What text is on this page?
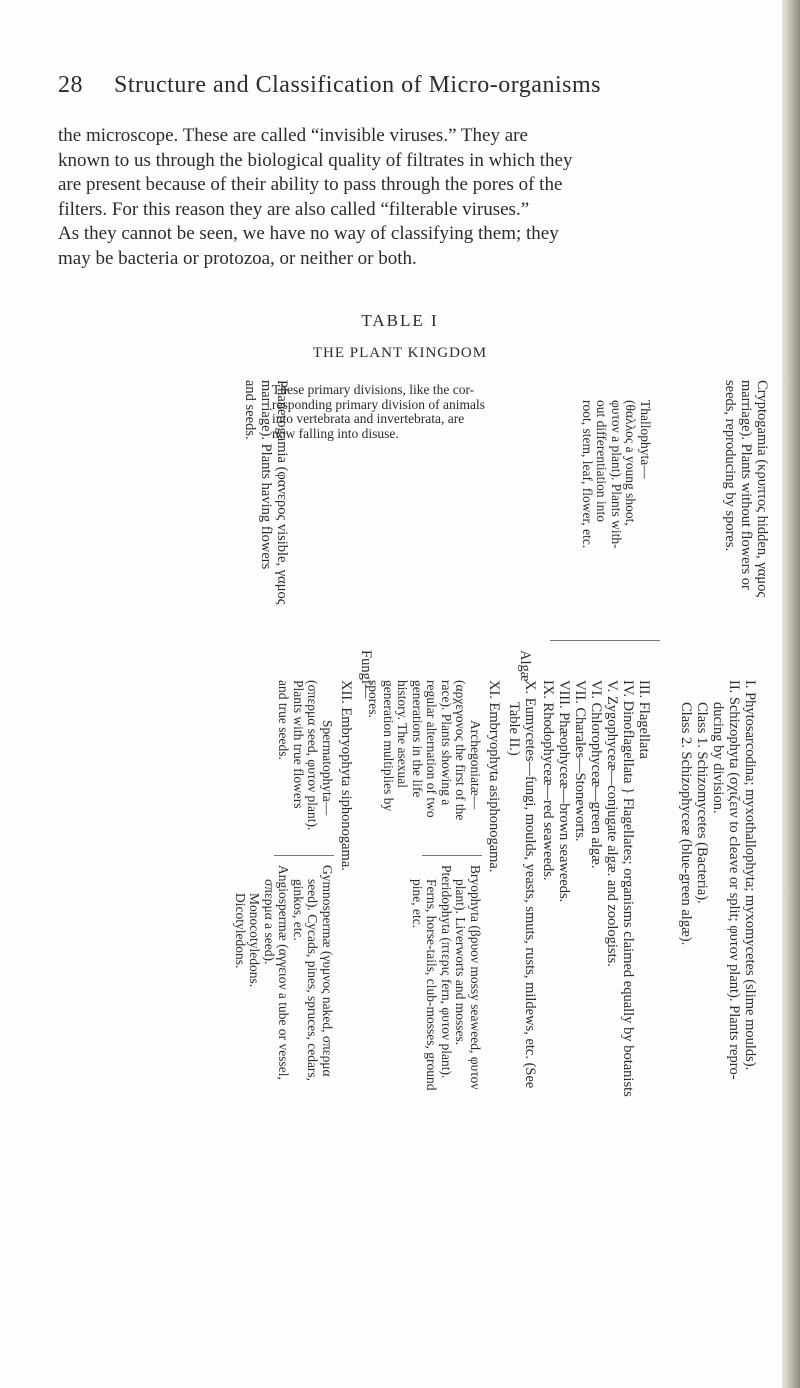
28 Structure and Classification of Micro-organisms

the microscope. These are called “invisible viruses.” They are
known to us through the biological quality of filtrates in which they
are present because of their ability to pass through the pores of the
filters. For this reason they are also called “filterable viruses.”
As they cannot be seen, we have no way of classifying them; they
may be bacteria or protozoa, or neither or both.

TABLE I
THE PLANT KINGDOM
These primary divisions, like the cor-
responding primary division of animals
into vertebrata and invertebrata, are
now falling into disuse.	Cryptogamia (κρυπτος hidden, γαμος
marriage). Plants without flowers or
seeds, reproducing by spores.
Phanerogamia (φανερος visible, γαμος
marriage). Plants having flowers
and seeds.	Thallophyta—
(θαλλος a young shoot,
φυτον a plant). Plants with-
out differentiation into
root, stem, leaf, flower, etc.
Algæ
Fungi—
I. Phytosarcodina; myxothallophyta; myxomycetes (slime moulds).
II. Schizophyta (σχιζειν to cleave or split; φυτον plant). Plants repro-
ducing by division.
Class 1. Schizomycetes (Bacteria).
Class 2. Schizophyceæ (blue-green algæ).
III. Flagellata
IV. Dinoflagellata } Flagellates; organisms claimed equally by botanists
V. Zygophyceæ—conjugate algæ. and zoologists.
VI. Chlorophyceæ—green algæ.
VII. Charales—Stoneworts.
VIII. Phæophyceæ—brown seaweeds.
IX. Rhodophyceæ—red seaweeds.
X. Eumycetes—fungi, moulds, yeasts, smuts, rusts, mildews, etc. (See
Table II.)
XI. Embryophyta asiphonogama.
Archegoniatæ—
(αρχεγονος the first of the
race). Plants showing a
regular alternation of two
generations in the life
history. The asexual
generation multiplies by
spores.
Bryophyta (βρυον mossy seaweed, φυτον
plant). Liverworts and mosses.
Pteridophyta (πτερις fern, φυτον plant).
Ferns, horse-tails, club-mosses, ground
pine, etc.
XII. Embryophyta siphonogama.
Spermatophyta—
(σπερμα seed, φυτον plant).
Plants with true flowers
and true seeds.
Gymnospermæ (γυμνος naked, σπερμα
seed). Cycads, pines, spruces, cedars,
ginkos, etc.
Angiospermæ (αγγειον a tube or vessel,
σπερμα a seed).
Monocotyledons.
Dicotyledons.
